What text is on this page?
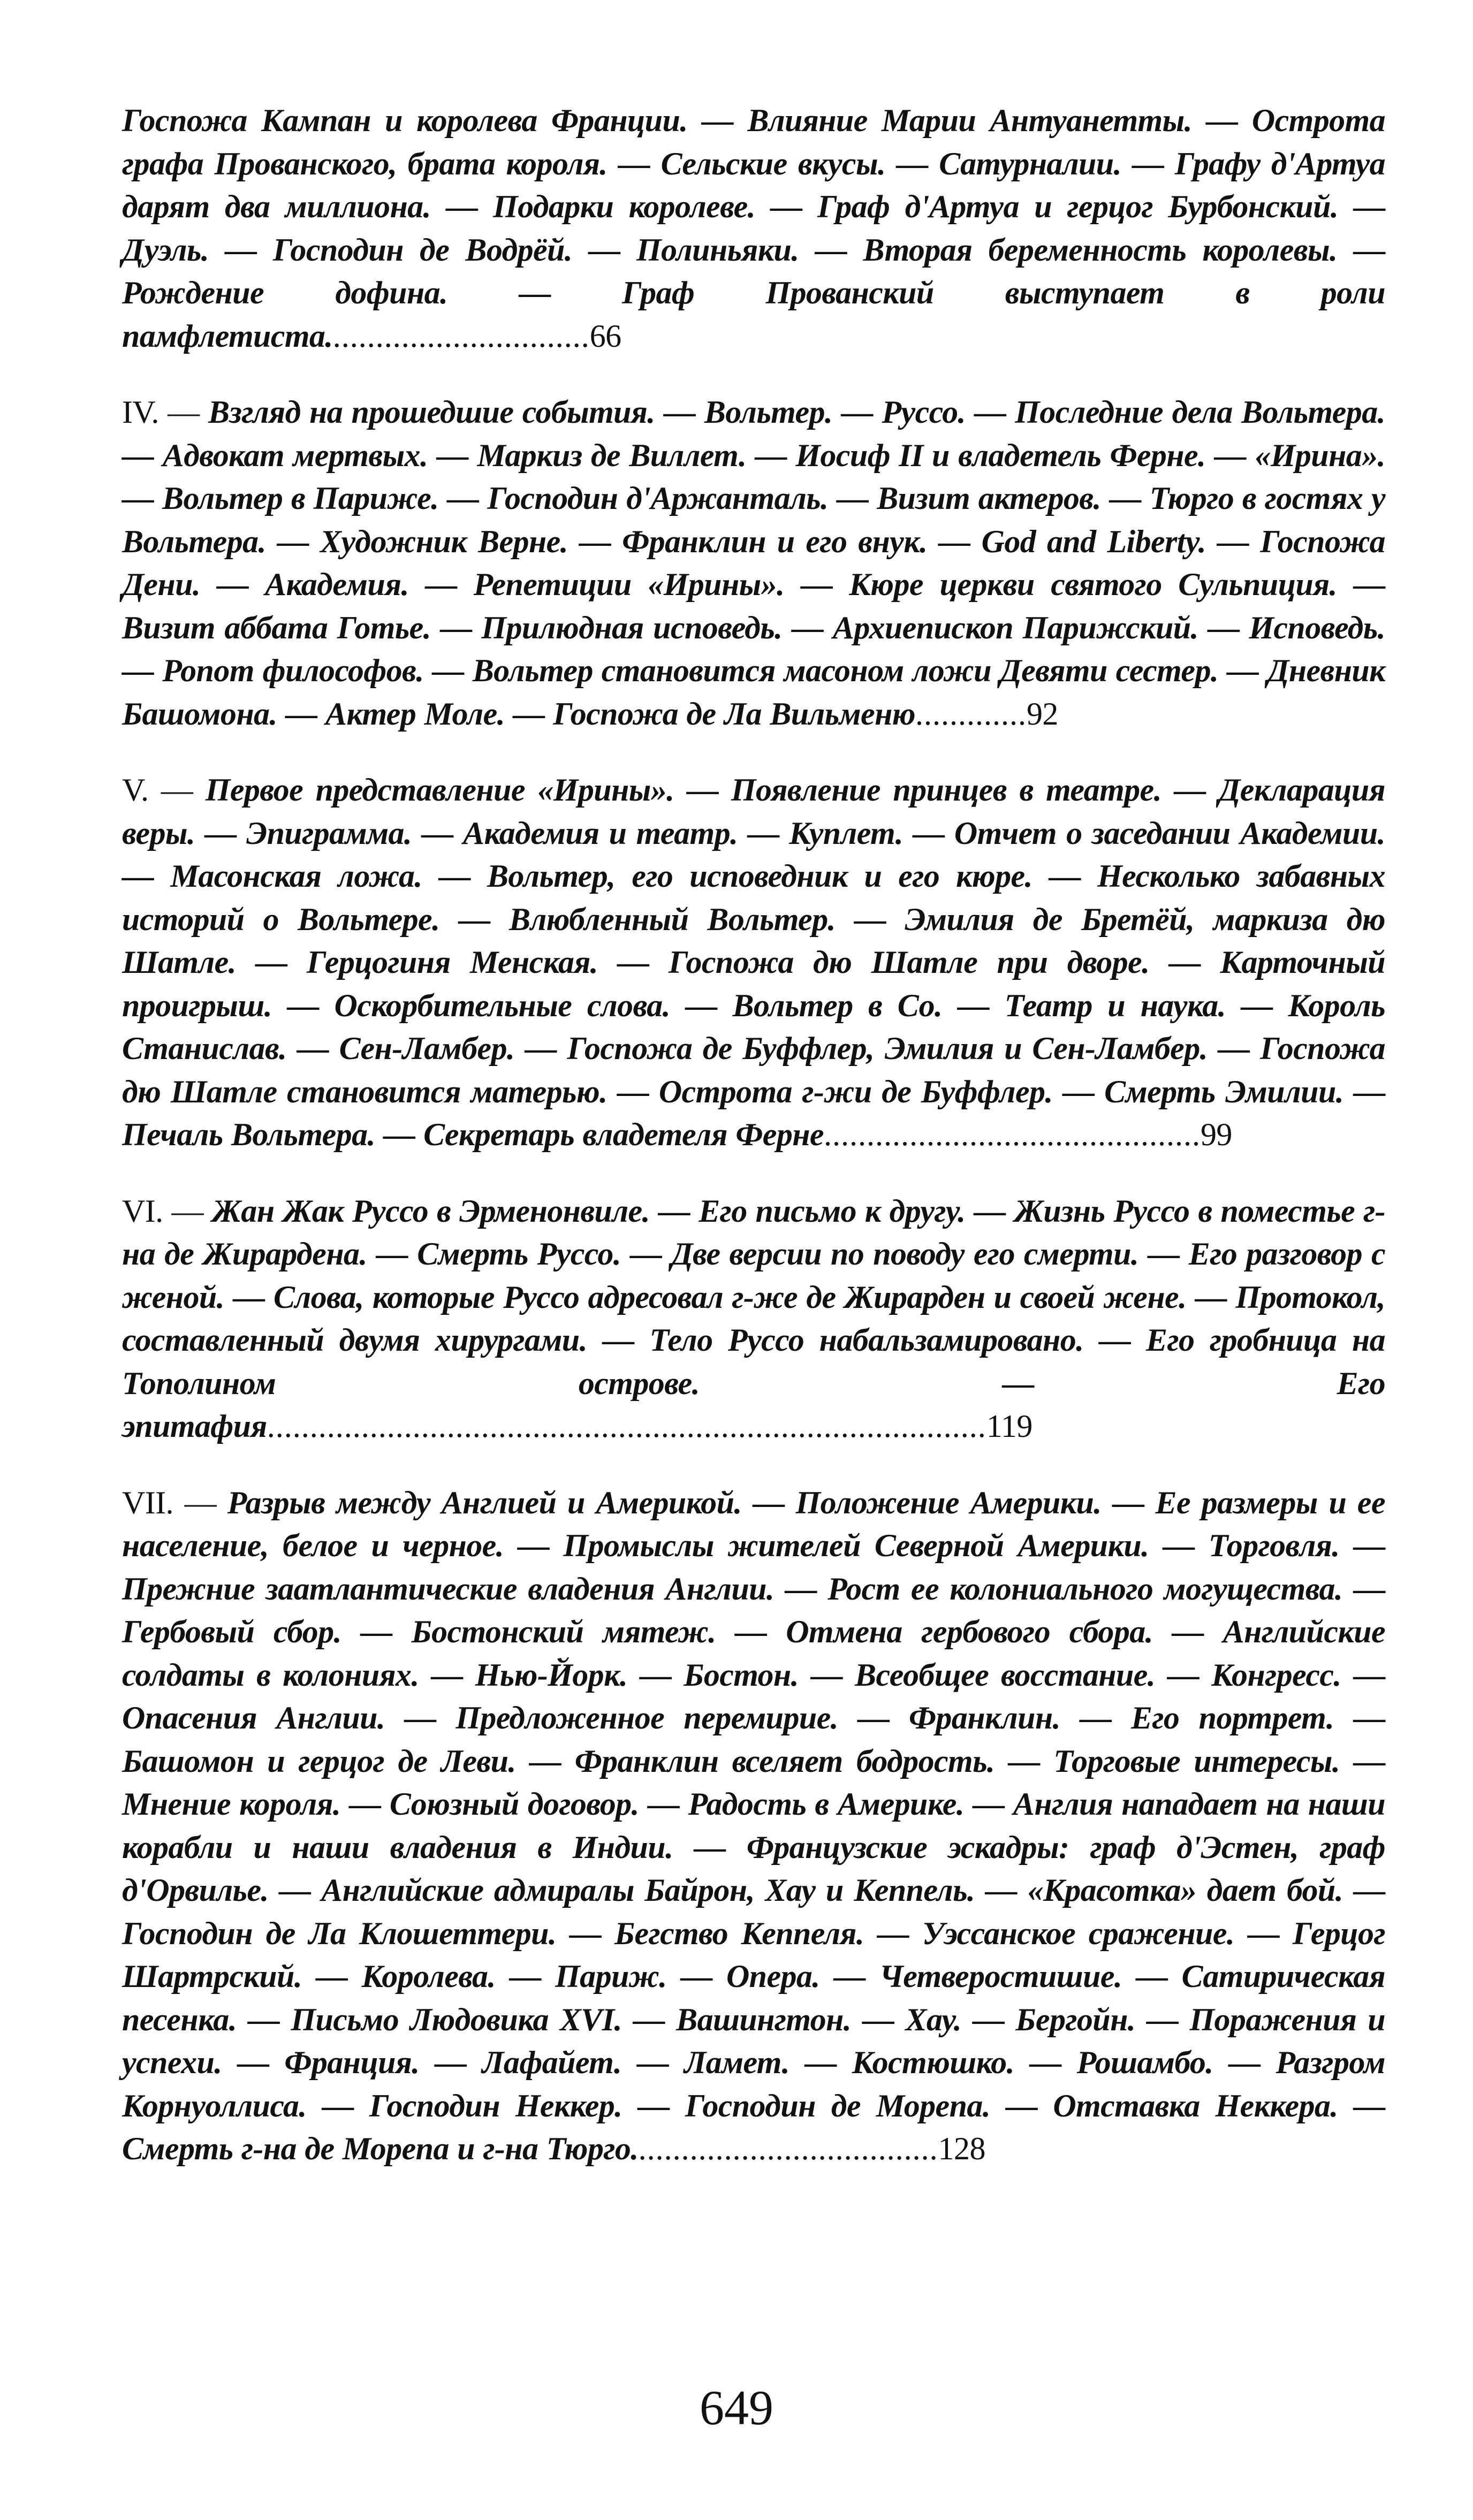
Госпожа Кампан и королева Франции. — Влияние Марии Антуанетты. — Острота графа Прованского, брата короля. — Сельские вкусы. — Сатурналии. — Графу д'Артуа дарят два миллиона. — Подарки королеве. — Граф д'Артуа и герцог Бурбонский. — Дуэль. — Господин де Водрёй. — Полиньяки. — Вторая беременность королевы. — Рождение дофина. — Граф Прованский выступает в роли памфлетиста...............................66

IV. — Взгляд на прошедшие события. — Вольтер. — Руссо. — Последние дела Вольтера. — Адвокат мертвых. — Маркиз де Виллет. — Иосиф II и владетель Ферне. — «Ирина». — Вольтер в Париже. — Господин д'Аржанталь. — Визит актеров. — Тюрго в гостях у Вольтера. — Художник Верне. — Франклин и его внук. — God and Liberty. — Госпожа Дени. — Академия. — Репетиции «Ирины». — Кюре церкви святого Сульпиция. — Визит аббата Готье. — Прилюдная исповедь. — Архиепископ Парижский. — Исповедь. — Ропот философов. — Вольтер становится масоном ложи Девяти сестер. — Дневник Башомона. — Актер Моле. — Госпожа де Ла Вильменю.............92

V. — Первое представление «Ирины». — Появление принцев в театре. — Декларация веры. — Эпиграмма. — Академия и театр. — Куплет. — Отчет о заседании Академии. — Масонская ложа. — Вольтер, его исповедник и его кюре. — Несколько забавных историй о Вольтере. — Влюбленный Вольтер. — Эмилия де Бретёй, маркиза дю Шатле. — Герцогиня Менская. — Госпожа дю Шатле при дворе. — Карточный проигрыш. — Оскорбительные слова. — Вольтер в Со. — Театр и наука. — Король Станислав. — Сен-Ламбер. — Госпожа де Буффлер, Эмилия и Сен-Ламбер. — Госпожа дю Шатле становится матерью. — Острота г-жи де Буффлер. — Смерть Эмилии. — Печаль Вольтера. — Секретарь владетеля Ферне............................................99

VI. — Жан Жак Руссо в Эрменонвиле. — Его письмо к другу. — Жизнь Руссо в поместье г-на де Жирардена. — Смерть Руссо. — Две версии по поводу его смерти. — Его разговор с женой. — Слова, которые Руссо адресовал г-же де Жирарден и своей жене. — Протокол, составленный двумя хирургами. — Тело Руссо набальзамировано. — Его гробница на Тополином острове. — Его эпитафия....................................................................................119

VII. — Разрыв между Англией и Америкой. — Положение Америки. — Ее размеры и ее население, белое и черное. — Промыслы жителей Северной Америки. — Торговля. — Прежние заатлантические владения Англии. — Рост ее колониального могущества. — Гербовый сбор. — Бостонский мятеж. — Отмена гербового сбора. — Английские солдаты в колониях. — Нью-Йорк. — Бостон. — Всеобщее восстание. — Конгресс. — Опасения Англии. — Предложенное перемирие. — Франклин. — Его портрет. — Башомон и герцог де Леви. — Франклин вселяет бодрость. — Торговые интересы. — Мнение короля. — Союзный договор. — Радость в Америке. — Англия нападает на наши корабли и наши владения в Индии. — Французские эскадры: граф д'Эстен, граф д'Орвилье. — Английские адмиралы Байрон, Хау и Кеппель. — «Красотка» дает бой. — Господин де Ла Клошеттери. — Бегство Кеппеля. — Уэссанское сражение. — Герцог Шартрский. — Королева. — Париж. — Опера. — Четверостишие. — Сатирическая песенка. — Письмо Людовика XVI. — Вашингтон. — Хау. — Бергойн. — Поражения и успехи. — Франция. — Лафайет. — Ламет. — Костюшко. — Рошамбо. — Разгром Корнуоллиса. — Господин Неккер. — Господин де Морепа. — Отставка Неккера. — Смерть г-на де Морепа и г-на Тюрго....................................128

649
